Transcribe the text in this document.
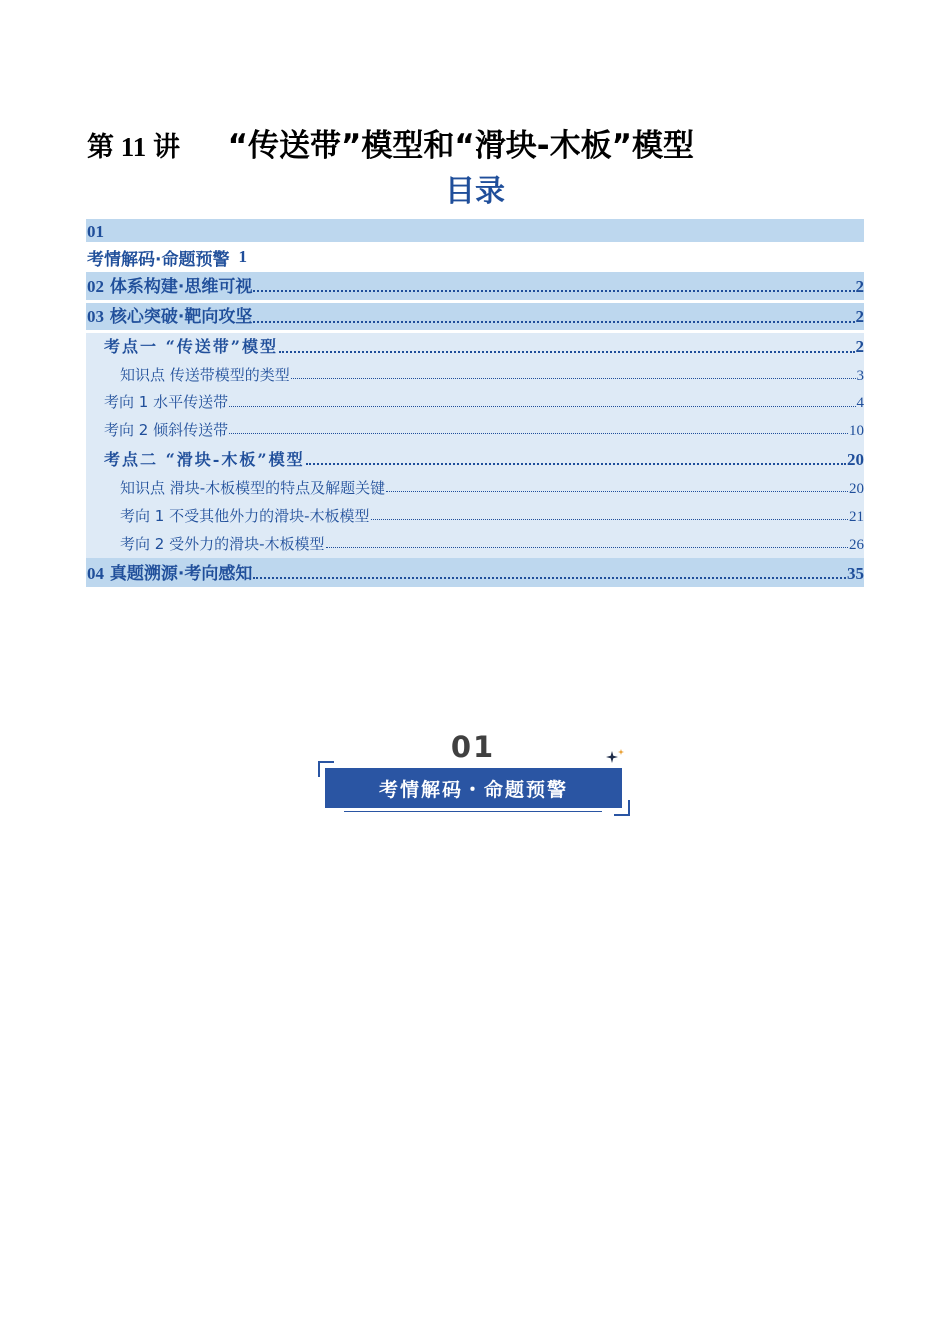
第 11 讲 “传送带”模型和“滑块-木板”模型
目录
01
考情解码·命题预警 1
02 体系构建·思维可视	2
03 核心突破·靶向攻坚	2
考点一 “传送带”模型	2
知识点 传送带模型的类型	3
考向 1 水平传送带	4
考向 2 倾斜传送带	10
考点二 “滑块-木板”模型	20
知识点 滑块-木板模型的特点及解题关键	20
考向 1 不受其他外力的滑块-木板模型	21
考向 2 受外力的滑块-木板模型	26
04 真题溯源·考向感知	35
01
考情解码・命题预警
